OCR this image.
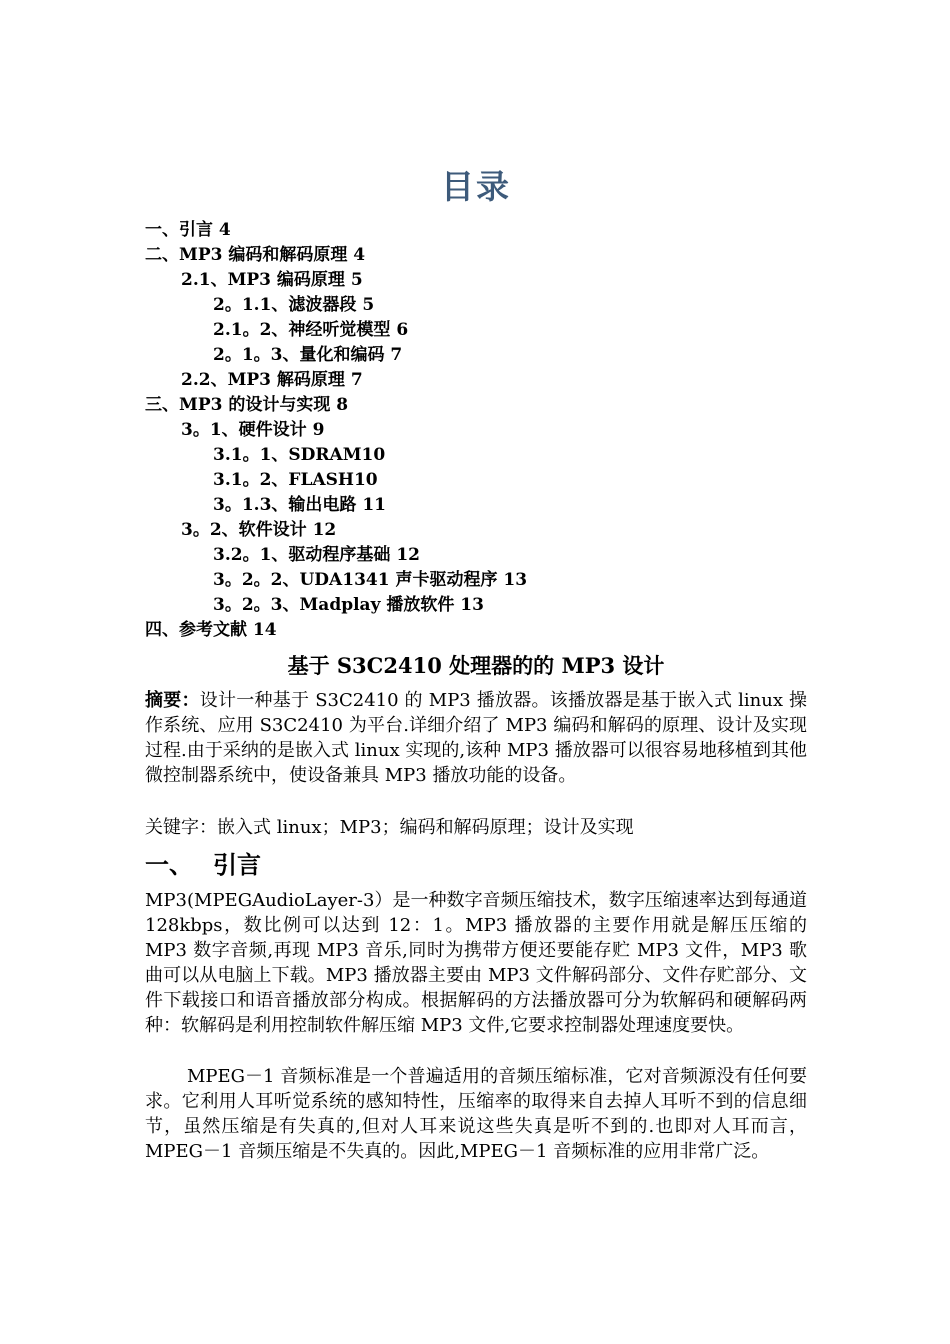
目录
一、引言 4
二、MP3 编码和解码原理 4
2.1、MP3 编码原理 5
2。1.1、滤波器段 5
2.1。2、神经听觉模型 6
2。1。3、量化和编码 7
2.2、MP3 解码原理 7
三、MP3 的设计与实现 8
3。1、硬件设计 9
3.1。1、SDRAM10
3.1。2、FLASH10
3。1.3、输出电路 11
3。2、软件设计 12
3.2。1、驱动程序基础 12
3。2。2、UDA1341 声卡驱动程序 13
3。2。3、Madplay 播放软件 13
四、参考文献 14
基于 S3C2410 处理器的的 MP3 设计

摘要：设计一种基于 S3C2410 的 MP3 播放器。该播放器是基于嵌入式 linux 操作系统、应用 S3C2410 为平台.详细介绍了 MP3 编码和解码的原理、设计及实现过程.由于采纳的是嵌入式 linux 实现的,该种 MP3 播放器可以很容易地移植到其他微控制器系统中，使设备兼具 MP3 播放功能的设备。

关键字：嵌入式 linux；MP3；编码和解码原理；设计及实现

一、 引言

MP3(MPEGAudioLayer-3）是一种数字音频压缩技术，数字压缩速率达到每通道 128kbps，数比例可以达到 12：1。MP3 播放器的主要作用就是解压压缩的 MP3 数字音频,再现 MP3 音乐,同时为携带方便还要能存贮 MP3 文件，MP3 歌曲可以从电脑上下载。MP3 播放器主要由 MP3 文件解码部分、文件存贮部分、文件下载接口和语音播放部分构成。根据解码的方法播放器可分为软解码和硬解码两种：软解码是利用控制软件解压缩 MP3 文件,它要求控制器处理速度要快。

MPEG－1 音频标准是一个普遍适用的音频压缩标准，它对音频源没有任何要求。它利用人耳听觉系统的感知特性，压缩率的取得来自去掉人耳听不到的信息细节，虽然压缩是有失真的,但对人耳来说这些失真是听不到的.也即对人耳而言，MPEG－1 音频压缩是不失真的。因此,MPEG－1 音频标准的应用非常广泛。
